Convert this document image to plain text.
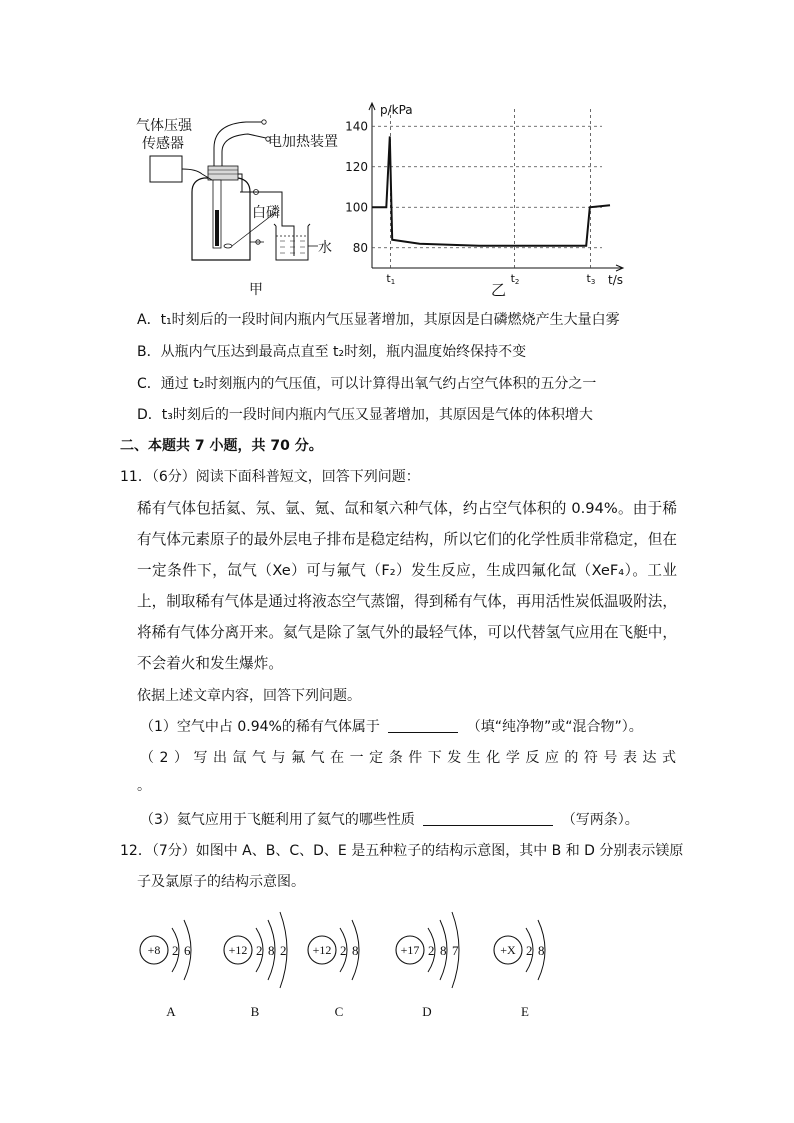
气体压强
传感器	电加热装置
白磷
水
甲
p/kPa
t/s
80
100
120
140
t1	t2	t3
乙
A．t₁时刻后的一段时间内瓶内气压显著增加，其原因是白磷燃烧产生大量白雾
B．从瓶内气压达到最高点直至 t₂时刻，瓶内温度始终保持不变
C．通过 t₂时刻瓶内的气压值，可以计算得出氧气约占空气体积的五分之一
D．t₃时刻后的一段时间内瓶内气压又显著增加，其原因是气体的体积增大
二、本题共 7 小题，共 70 分。
11．（6分）阅读下面科普短文，回答下列问题：
稀有气体包括氦、氖、氩、氪、氙和氡六种气体，约占空气体积的 0.94%。由于稀有气体元素原子的最外层电子排布是稳定结构，所以它们的化学性质非常稳定，但在一定条件下，氙气（Xe）可与氟气（F₂）发生反应，生成四氟化氙（XeF₄）。工业上，制取稀有气体是通过将液态空气蒸馏，得到稀有气体，再用活性炭低温吸附法，将稀有气体分离开来。氦气是除了氢气外的最轻气体，可以代替氢气应用在飞艇中，不会着火和发生爆炸。
依据上述文章内容，回答下列问题。
（1）空气中占 0.94%的稀有气体属于	（填“纯净物”或“混合物”）。
（2）写出氙气与氟气在一定条件下发生化学反应的符号表达式
。
（3）氦气应用于飞艇利用了氦气的哪些性质	（写两条）。
12．（7分）如图中 A、B、C、D、E 是五种粒子的结构示意图，其中 B 和 D 分别表示镁原
子及氯原子的结构示意图。
+8 2 6
A
+12 2 8 2
B
+12 2 8
C
+17 2 8 7
D
+X 2 8
E
